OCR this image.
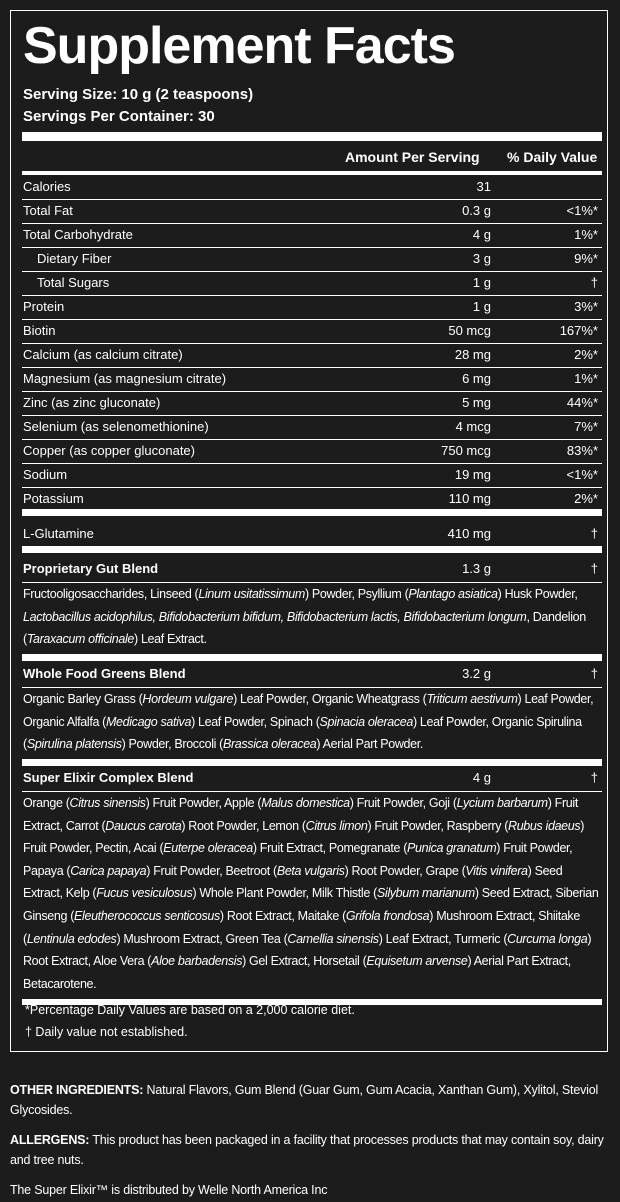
Supplement Facts
Serving Size: 10 g (2 teaspoons)
Servings Per Container: 30
Amount Per Serving % Daily Value
Calories	31
Total Fat	0.3 g	<1%*
Total Carbohydrate	4 g	1%*
Dietary Fiber	3 g	9%*
Total Sugars	1 g	†
Protein	1 g	3%*
Biotin	50 mcg	167%*
Calcium (as calcium citrate)	28 mg	2%*
Magnesium (as magnesium citrate)	6 mg	1%*
Zinc (as zinc gluconate)	5 mg	44%*
Selenium (as selenomethionine)	4 mcg	7%*
Copper (as copper gluconate)	750 mcg	83%*
Sodium	19 mg	<1%*
Potassium	110 mg	2%*
L-Glutamine	410 mg	†
Proprietary Gut Blend	1.3 g	†
Fructooligosaccharides, Linseed (Linum usitatissimum) Powder, Psyllium (Plantago asiatica) Husk Powder, Lactobacillus acidophilus, Bifidobacterium bifidum, Bifidobacterium lactis, Bifidobacterium longum, Dandelion (Taraxacum officinale) Leaf Extract.
Whole Food Greens Blend	3.2 g	†
Organic Barley Grass (Hordeum vulgare) Leaf Powder, Organic Wheatgrass (Triticum aestivum) Leaf Powder, Organic Alfalfa (Medicago sativa) Leaf Powder, Spinach (Spinacia oleracea) Leaf Powder, Organic Spirulina (Spirulina platensis) Powder, Broccoli (Brassica oleracea) Aerial Part Powder.
Super Elixir Complex Blend	4 g	†
Orange (Citrus sinensis) Fruit Powder, Apple (Malus domestica) Fruit Powder, Goji (Lycium barbarum) Fruit Extract, Carrot (Daucus carota) Root Powder, Lemon (Citrus limon) Fruit Powder, Raspberry (Rubus idaeus) Fruit Powder, Pectin, Acai (Euterpe oleracea) Fruit Extract, Pomegranate (Punica granatum) Fruit Powder, Papaya (Carica papaya) Fruit Powder, Beetroot (Beta vulgaris) Root Powder, Grape (Vitis vinifera) Seed Extract, Kelp (Fucus vesiculosus) Whole Plant Powder, Milk Thistle (Silybum marianum) Seed Extract, Siberian Ginseng (Eleutherococcus senticosus) Root Extract, Maitake (Grifola frondosa) Mushroom Extract, Shiitake (Lentinula edodes) Mushroom Extract, Green Tea (Camellia sinensis) Leaf Extract, Turmeric (Curcuma longa) Root Extract, Aloe Vera (Aloe barbadensis) Gel Extract, Horsetail (Equisetum arvense) Aerial Part Extract, Betacarotene.
*Percentage Daily Values are based on a 2,000 calorie diet.
† Daily value not established.
OTHER INGREDIENTS: Natural Flavors, Gum Blend (Guar Gum, Gum Acacia, Xanthan Gum), Xylitol, Steviol Glycosides.
ALLERGENS: This product has been packaged in a facility that processes products that may contain soy, dairy and tree nuts.
The Super Elixir™ is distributed by Welle North America Inc
